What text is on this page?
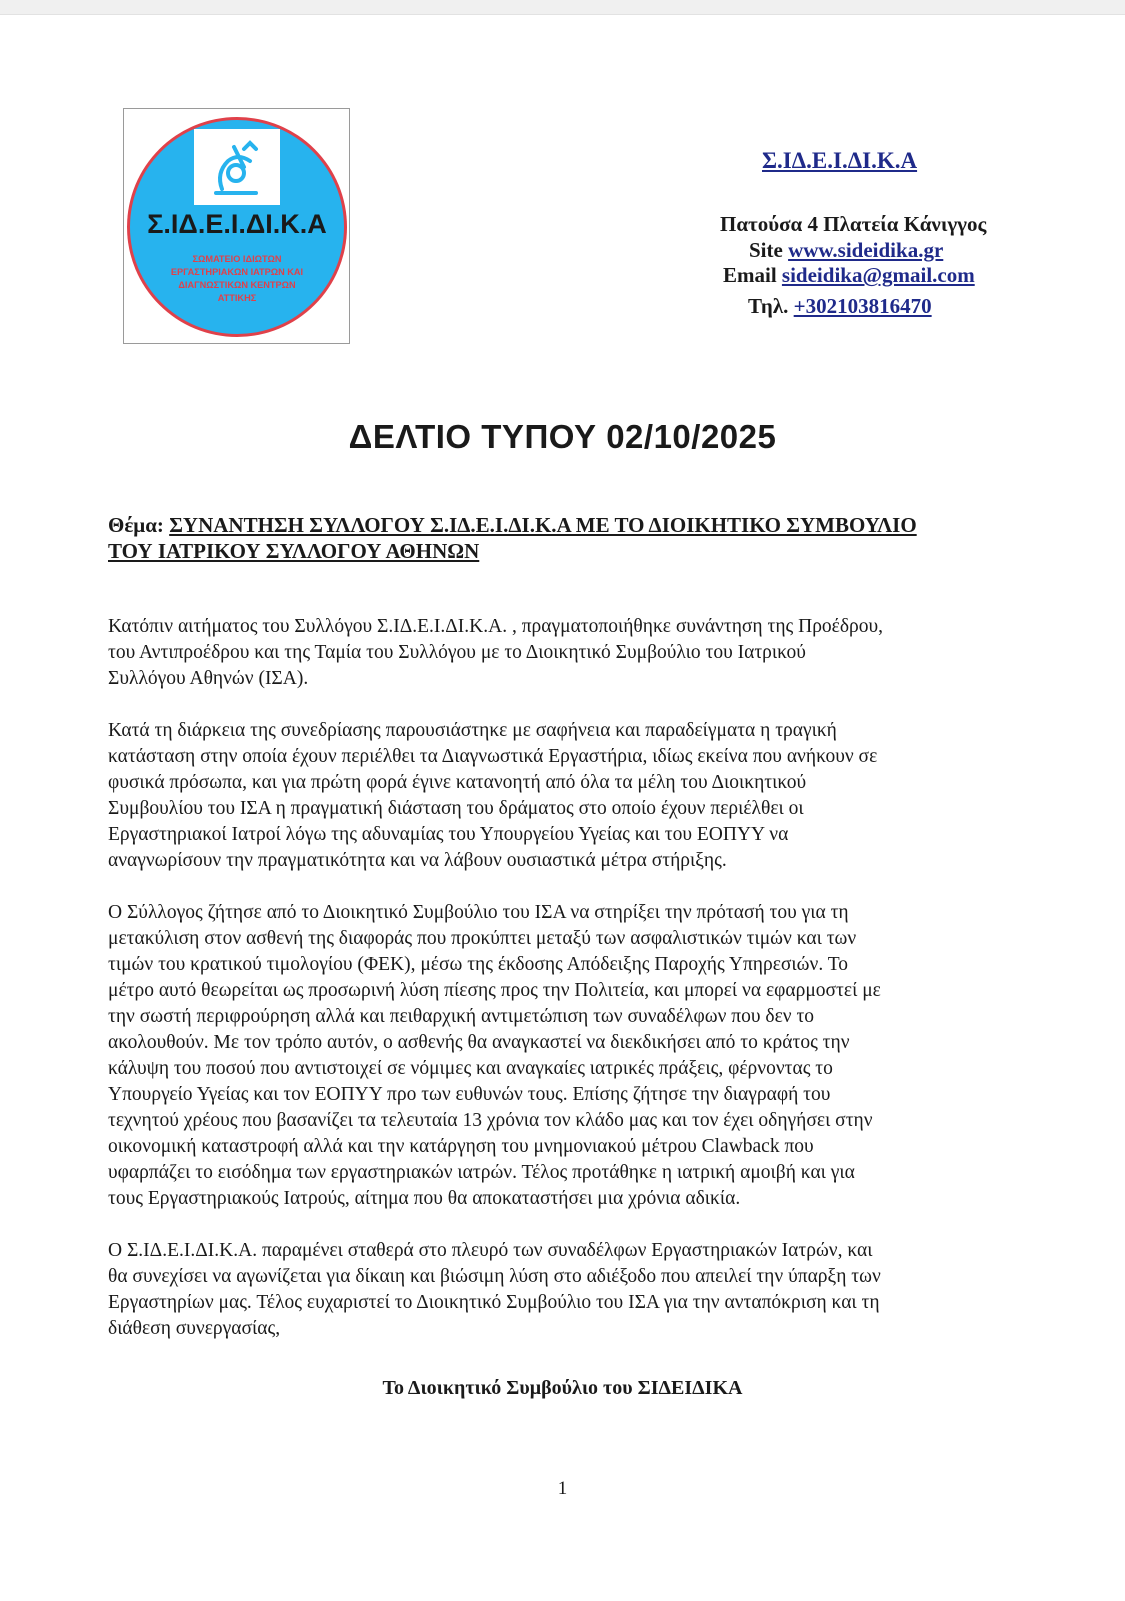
Σ.ΙΔ.Ε.Ι.ΔΙ.Κ.Α
ΣΩΜΑΤΕΙΟ ΙΔΙΩΤΩΝ
ΕΡΓΑΣΤΗΡΙΑΚΩΝ ΙΑΤΡΩΝ ΚΑΙ
ΔΙΑΓΝΩΣΤΙΚΩΝ ΚΕΝΤΡΩΝ
ΑΤΤΙΚΗΣ
Σ.ΙΔ.Ε.Ι.ΔΙ.Κ.Α
Πατούσα 4 Πλατεία Κάνιγγος
Site www.sideidika.gr
Email sideidika@gmail.com
Τηλ. +302103816470
ΔΕΛΤΙΟ ΤΥΠΟΥ 02/10/2025
Θέμα: ΣΥΝΑΝΤΗΣΗ ΣΥΛΛΟΓΟΥ Σ.ΙΔ.Ε.Ι.ΔΙ.Κ.Α ΜΕ ΤΟ ΔΙΟΙΚΗΤΙΚΟ ΣΥΜΒΟΥΛΙΟ
ΤΟΥ ΙΑΤΡΙΚΟΥ ΣΥΛΛΟΓΟΥ ΑΘΗΝΩΝ
Κατόπιν αιτήματος του Συλλόγου Σ.ΙΔ.Ε.Ι.ΔΙ.Κ.Α. , πραγματοποιήθηκε συνάντηση της Προέδρου,
του Αντιπροέδρου και της Ταμία του Συλλόγου με το Διοικητικό Συμβούλιο του Ιατρικού
Συλλόγου Αθηνών (ΙΣΑ).
Κατά τη διάρκεια της συνεδρίασης παρουσιάστηκε με σαφήνεια και παραδείγματα η τραγική
κατάσταση στην οποία έχουν περιέλθει τα Διαγνωστικά Εργαστήρια, ιδίως εκείνα που ανήκουν σε
φυσικά πρόσωπα, και για πρώτη φορά έγινε κατανοητή από όλα τα μέλη του Διοικητικού
Συμβουλίου του ΙΣΑ η πραγματική διάσταση του δράματος στο οποίο έχουν περιέλθει οι
Εργαστηριακοί Ιατροί λόγω της αδυναμίας του Υπουργείου Υγείας και του ΕΟΠΥΥ να
αναγνωρίσουν την πραγματικότητα και να λάβουν ουσιαστικά μέτρα στήριξης.
Ο Σύλλογος ζήτησε από το Διοικητικό Συμβούλιο του ΙΣΑ να στηρίξει την πρότασή του για τη
μετακύλιση στον ασθενή της διαφοράς που προκύπτει μεταξύ των ασφαλιστικών τιμών και των
τιμών του κρατικού τιμολογίου (ΦΕΚ), μέσω της έκδοσης Απόδειξης Παροχής Υπηρεσιών. Το
μέτρο αυτό θεωρείται ως προσωρινή λύση πίεσης προς την Πολιτεία, και μπορεί να εφαρμοστεί με
την σωστή περιφρούρηση αλλά και πειθαρχική αντιμετώπιση των συναδέλφων που δεν το
ακολουθούν. Με τον τρόπο αυτόν, ο ασθενής θα αναγκαστεί να διεκδικήσει από το κράτος την
κάλυψη του ποσού που αντιστοιχεί σε νόμιμες και αναγκαίες ιατρικές πράξεις, φέρνοντας το
Υπουργείο Υγείας και τον ΕΟΠΥΥ προ των ευθυνών τους. Επίσης ζήτησε την διαγραφή του
τεχνητού χρέους που βασανίζει τα τελευταία 13 χρόνια τον κλάδο μας και τον έχει οδηγήσει στην
οικονομική καταστροφή αλλά και την κατάργηση του μνημονιακού μέτρου Clawback που
υφαρπάζει το εισόδημα των εργαστηριακών ιατρών. Τέλος προτάθηκε η ιατρική αμοιβή και για
τους Εργαστηριακούς Ιατρούς, αίτημα που θα αποκαταστήσει μια χρόνια αδικία.
Ο Σ.ΙΔ.Ε.Ι.ΔΙ.Κ.Α. παραμένει σταθερά στο πλευρό των συναδέλφων Εργαστηριακών Ιατρών, και
θα συνεχίσει να αγωνίζεται για δίκαιη και βιώσιμη λύση στο αδιέξοδο που απειλεί την ύπαρξη των
Εργαστηρίων μας. Τέλος ευχαριστεί το Διοικητικό Συμβούλιο του ΙΣΑ για την ανταπόκριση και τη
διάθεση συνεργασίας,
Το Διοικητικό Συμβούλιο του ΣΙΔΕΙΔΙΚΑ
1
